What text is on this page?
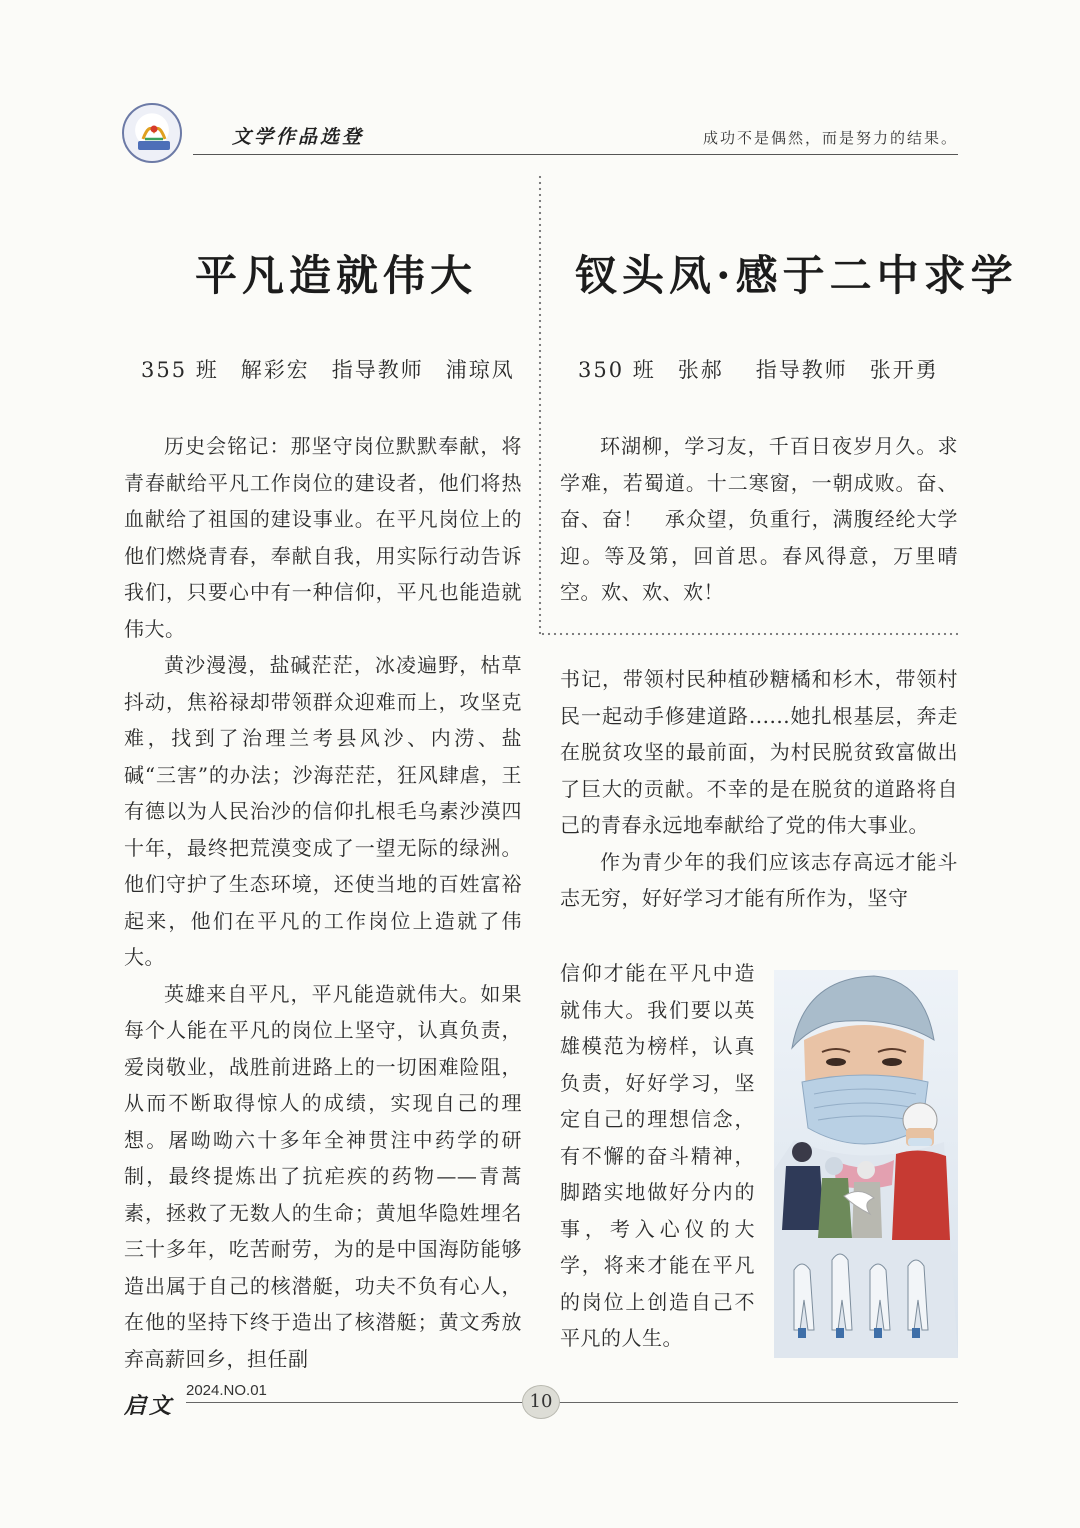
文学作品选登	成功不是偶然，而是努力的结果。
平凡造就伟大
355 班 解彩宏 指导教师 浦琼凤
钗头凤·感于二中求学
350 班 张郝 指导教师 张开勇

历史会铭记：那坚守岗位默默奉献，将青春献给平凡工作岗位的建设者，他们将热血献给了祖国的建设事业。在平凡岗位上的他们燃烧青春，奉献自我，用实际行动告诉我们，只要心中有一种信仰，平凡也能造就伟大。

黄沙漫漫，盐碱茫茫，冰凌遍野，枯草抖动，焦裕禄却带领群众迎难而上，攻坚克难，找到了治理兰考县风沙、内涝、盐碱“三害”的办法；沙海茫茫，狂风肆虐，王有德以为人民治沙的信仰扎根毛乌素沙漠四十年，最终把荒漠变成了一望无际的绿洲。他们守护了生态环境，还使当地的百姓富裕起来，他们在平凡的工作岗位上造就了伟大。

英雄来自平凡，平凡能造就伟大。如果每个人能在平凡的岗位上坚守，认真负责，爱岗敬业，战胜前进路上的一切困难险阻，从而不断取得惊人的成绩，实现自己的理想。屠呦呦六十多年全神贯注中药学的研制，最终提炼出了抗疟疾的药物——青蒿素，拯救了无数人的生命；黄旭华隐姓埋名三十多年，吃苦耐劳，为的是中国海防能够造出属于自己的核潜艇，功夫不负有心人，在他的坚持下终于造出了核潜艇；黄文秀放弃高薪回乡，担任副

环湖柳，学习友，千百日夜岁月久。求学难，若蜀道。十二寒窗，一朝成败。奋、奋、奋！　承众望，负重行，满腹经纶大学迎。等及第，回首思。春风得意，万里晴空。欢、欢、欢！

书记，带领村民种植砂糖橘和杉木，带领村民一起动手修建道路......她扎根基层，奔走在脱贫攻坚的最前面，为村民脱贫致富做出了巨大的贡献。不幸的是在脱贫的道路将自己的青春永远地奉献给了党的伟大事业。

作为青少年的我们应该志存高远才能斗志无穷，好好学习才能有所作为，坚守

信仰才能在平凡中造就伟大。我们要以英雄模范为榜样，认真负责，好好学习，坚定自己的理想信念，有不懈的奋斗精神，脚踏实地做好分内的事，考入心仪的大学，将来才能在平凡的岗位上创造自己不平凡的人生。

启文
2024.NO.01
10
